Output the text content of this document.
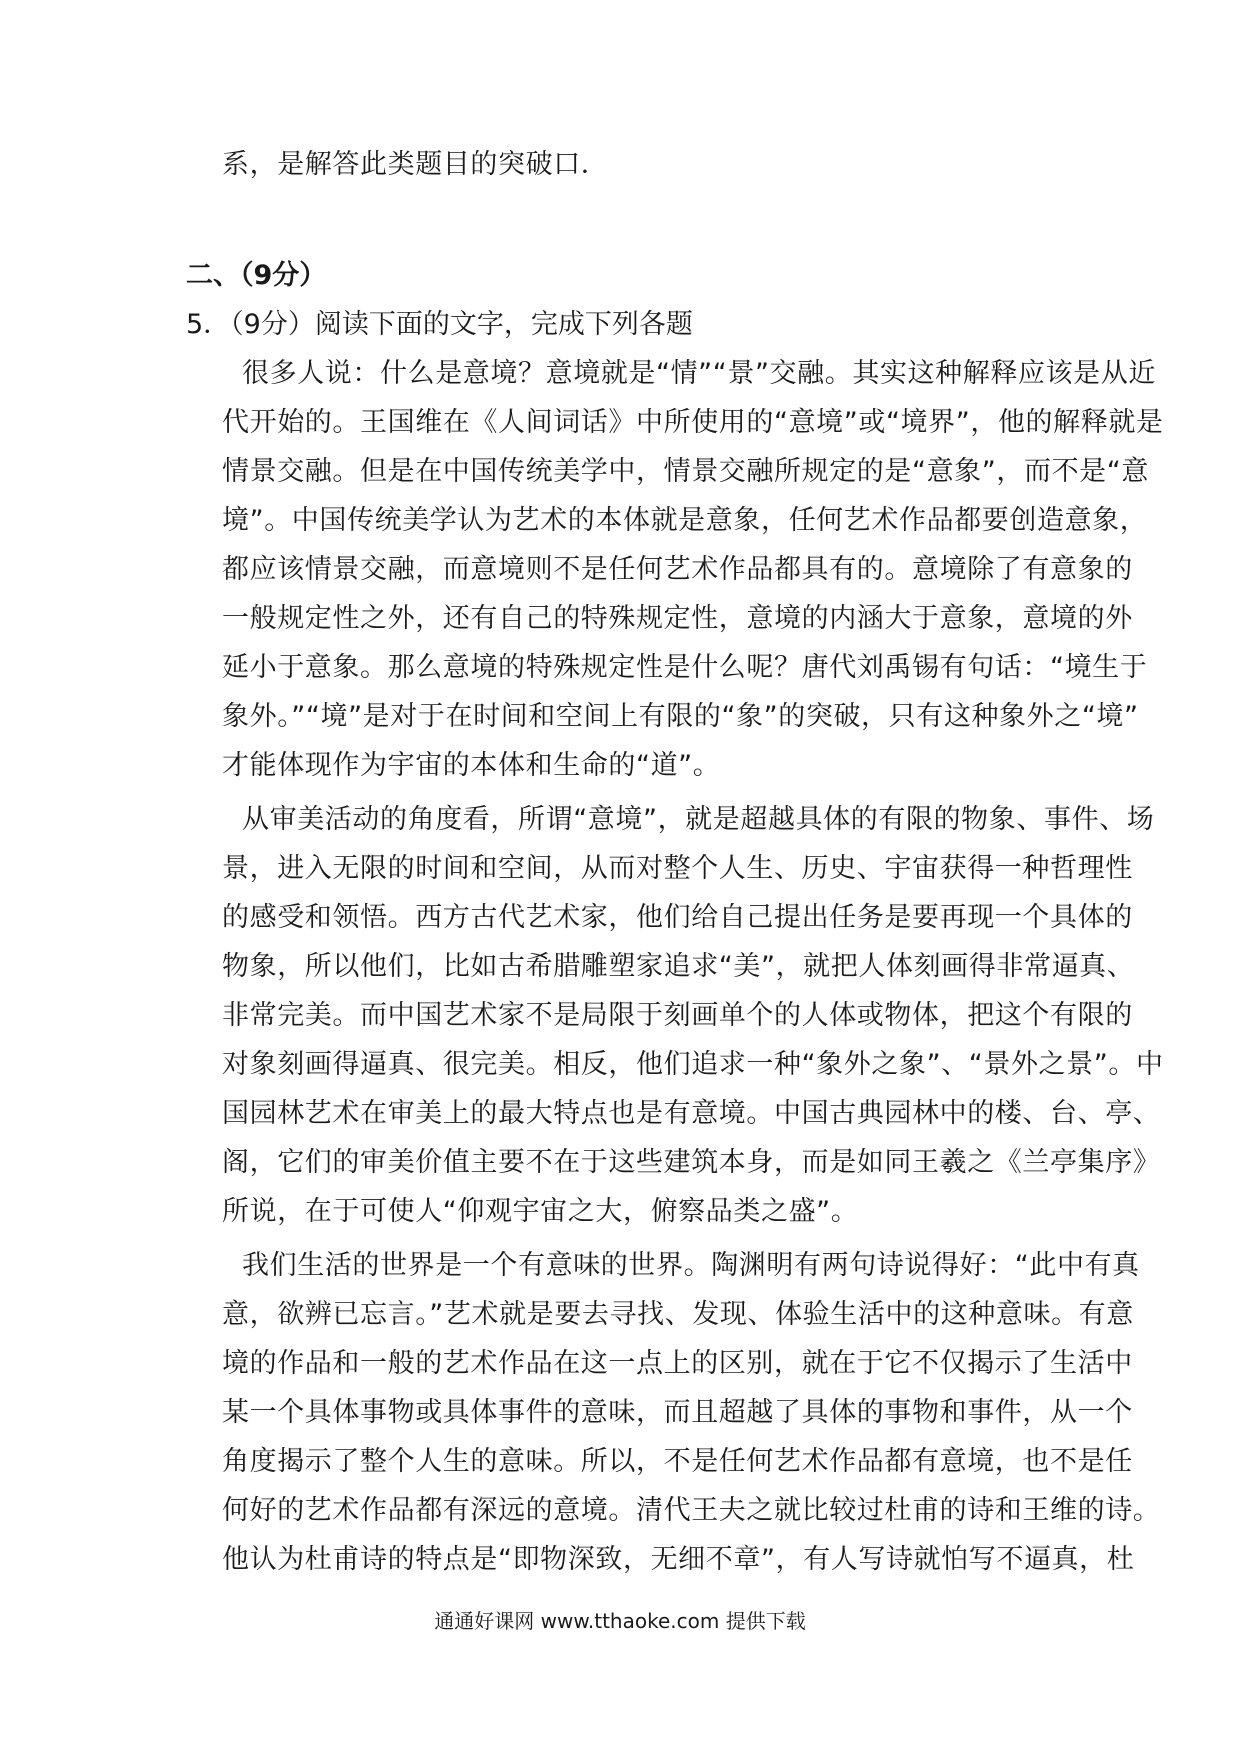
系，是解答此类题目的突破口．
二、（9分）
5．（9分）阅读下面的文字，完成下列各题
很多人说：什么是意境？意境就是“情”“景”交融。其实这种解释应该是从近
代开始的。王国维在《人间词话》中所使用的“意境”或“境界”，他的解释就是
情景交融。但是在中国传统美学中，情景交融所规定的是“意象”，而不是“意
境”。中国传统美学认为艺术的本体就是意象，任何艺术作品都要创造意象，
都应该情景交融，而意境则不是任何艺术作品都具有的。意境除了有意象的
一般规定性之外，还有自己的特殊规定性，意境的内涵大于意象，意境的外
延小于意象。那么意境的特殊规定性是什么呢？唐代刘禹锡有句话：“境生于
象外。”“境”是对于在时间和空间上有限的“象”的突破，只有这种象外之“境”
才能体现作为宇宙的本体和生命的“道”。
从审美活动的角度看，所谓“意境”，就是超越具体的有限的物象、事件、场
景，进入无限的时间和空间，从而对整个人生、历史、宇宙获得一种哲理性
的感受和领悟。西方古代艺术家，他们给自己提出任务是要再现一个具体的
物象，所以他们，比如古希腊雕塑家追求“美”，就把人体刻画得非常逼真、
非常完美。而中国艺术家不是局限于刻画单个的人体或物体，把这个有限的
对象刻画得逼真、很完美。相反，他们追求一种“象外之象”、“景外之景”。中
国园林艺术在审美上的最大特点也是有意境。中国古典园林中的楼、台、亭、
阁，它们的审美价值主要不在于这些建筑本身，而是如同王羲之《兰亭集序》
所说，在于可使人“仰观宇宙之大，俯察品类之盛”。
我们生活的世界是一个有意味的世界。陶渊明有两句诗说得好：“此中有真
意，欲辨已忘言。”艺术就是要去寻找、发现、体验生活中的这种意味。有意
境的作品和一般的艺术作品在这一点上的区别，就在于它不仅揭示了生活中
某一个具体事物或具体事件的意味，而且超越了具体的事物和事件，从一个
角度揭示了整个人生的意味。所以，不是任何艺术作品都有意境，也不是任
何好的艺术作品都有深远的意境。清代王夫之就比较过杜甫的诗和王维的诗。
他认为杜甫诗的特点是“即物深致，无细不章”，有人写诗就怕写不逼真，杜
通通好课网 www.tthaoke.com 提供下载
